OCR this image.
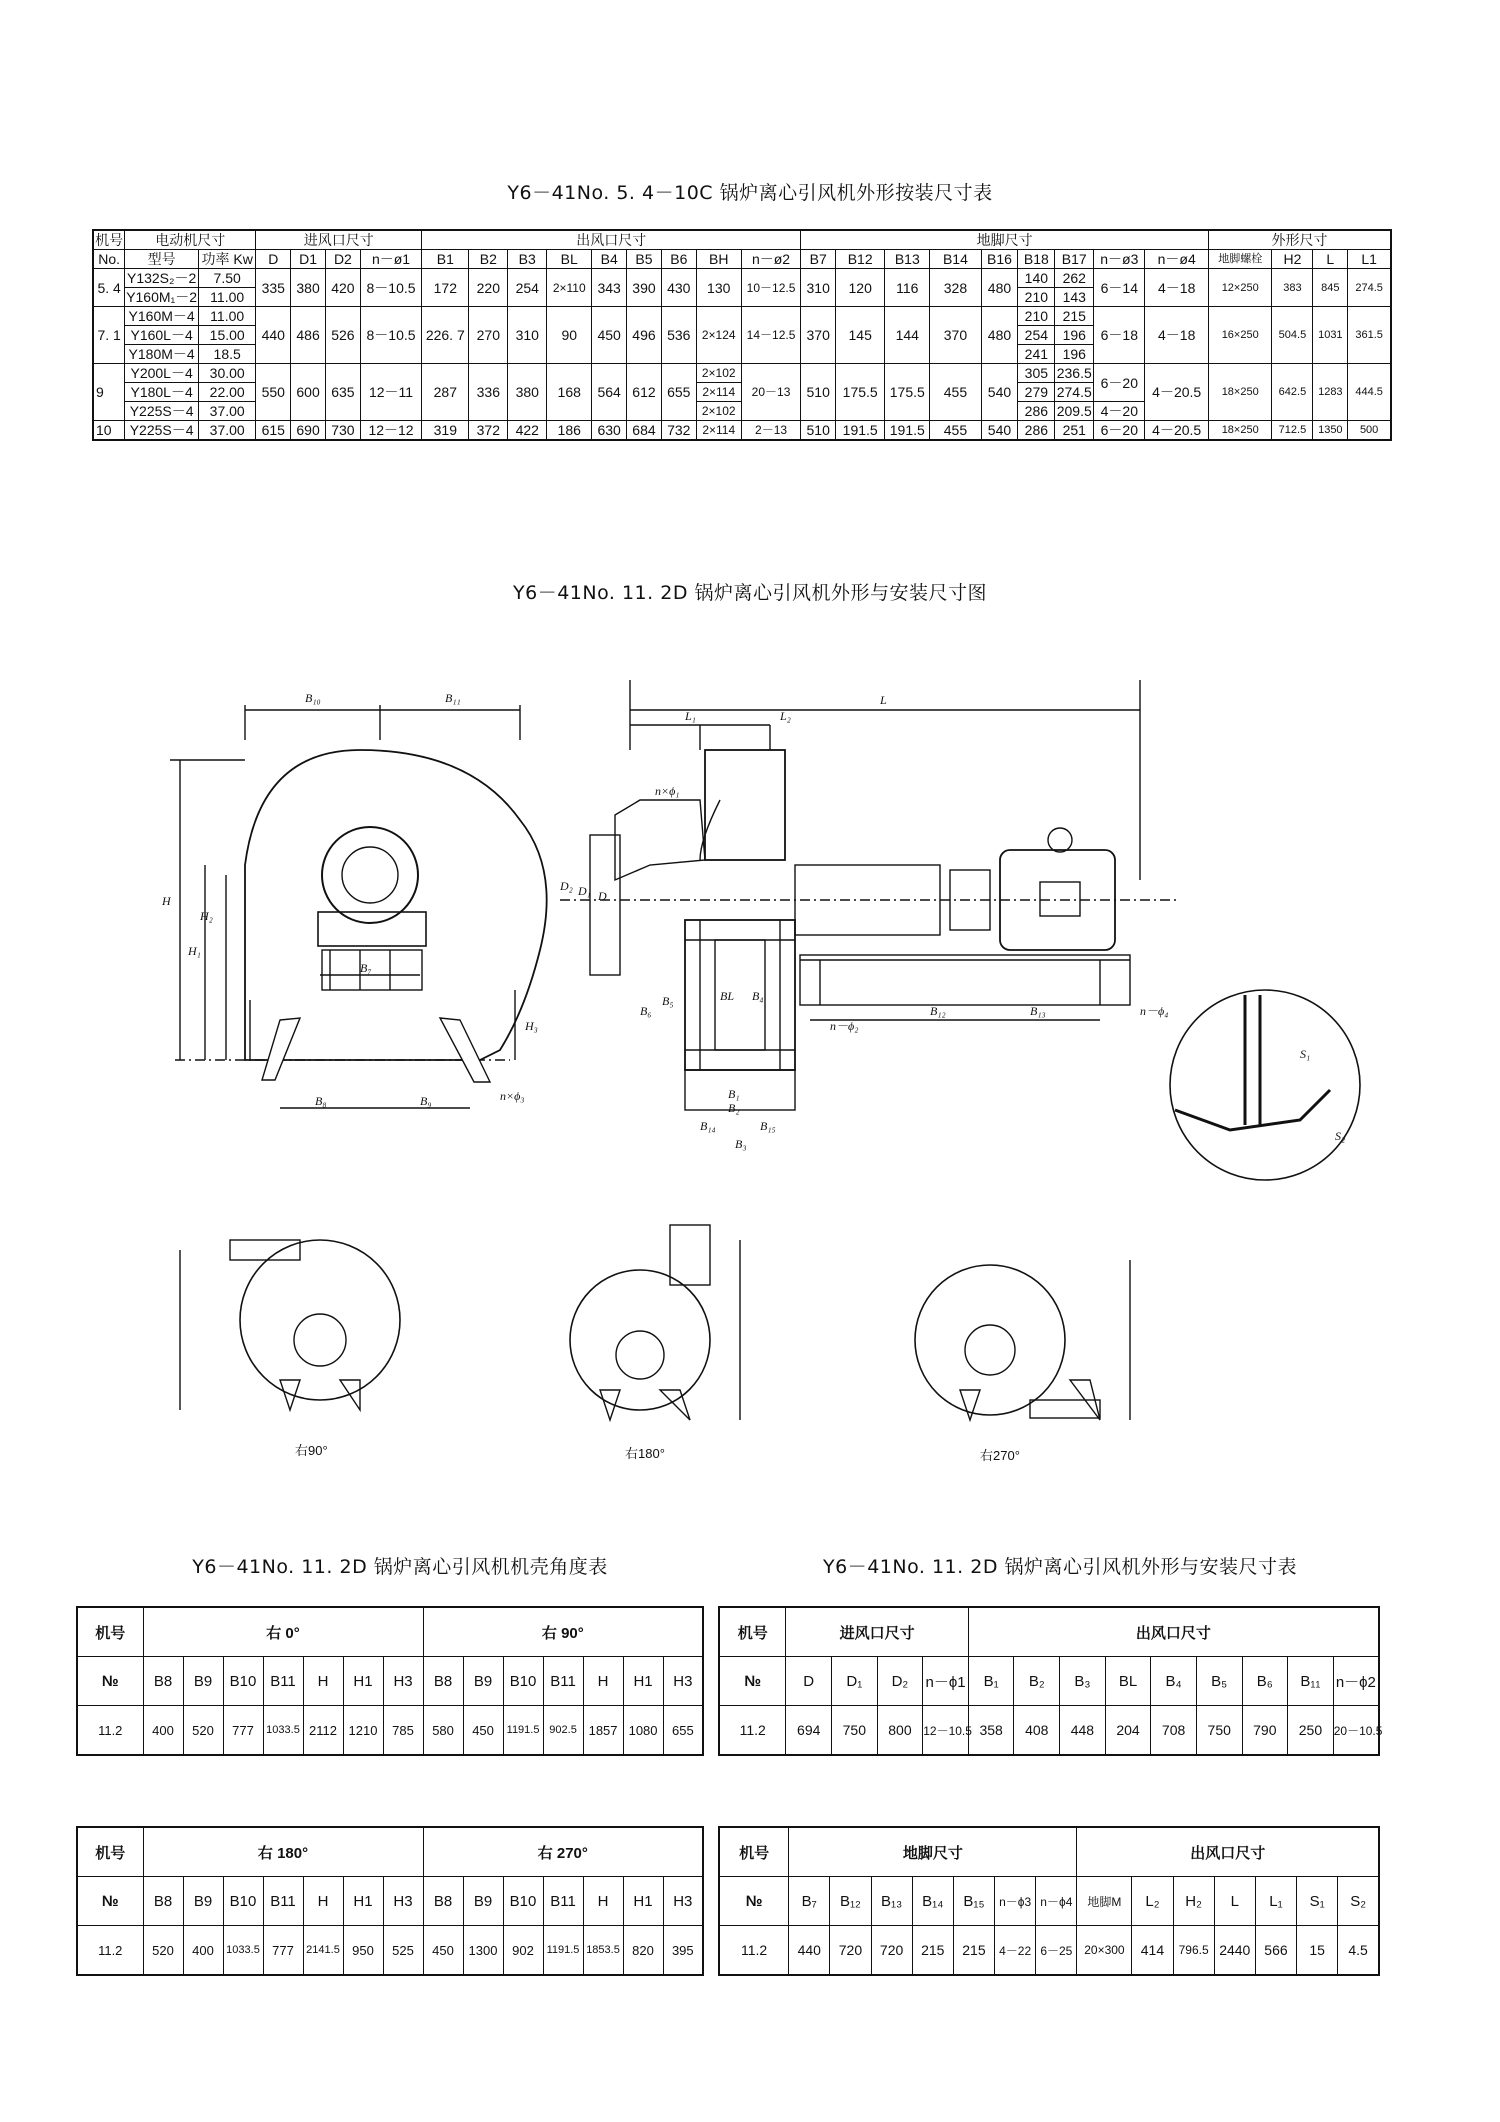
Y6－41No. 5. 4－10C 锅炉离心引风机外形按装尺寸表
Y6－41No. 11. 2D 锅炉离心引风机外形与安装尺寸图
Y6－41No. 11. 2D 锅炉离心引风机机壳角度表	Y6－41No. 11. 2D 锅炉离心引风机外形与安装尺寸表
机号	电动机尺寸		进风口尺寸				出风口尺寸									地脚尺寸									外形尺寸			
No.	型号	功率 Kw	D	D1	D2	n－ø1	B1	B2	B3	BL	B4	B5	B6	BH	n－ø2	B7	B12	B13	B14	B16	B18	B17	n－ø3	n－ø4	地脚螺栓	H2	L	L1
5. 4	Y132S₂－2	7.50	335	380	420	8－10.5	172	220	254	2×110	343	390	430	130	10－12.5	310	120	116	328	480	140	262	6－14	4－18	12×250	383	845	274.5
	Y160M₁－2	11.00																			210	143						
7. 1	Y160M－4	11.00	440	486	526	8－10.5	226. 7	270	310	90	450	496	536	2×124	14－12.5	370	145	144	370	480	210	215	6－18	4－18	16×250	504.5	1031	361.5
	Y160L－4	15.00																			254	196						
	Y180M－4	18.5																			241	196						
9	Y200L－4	30.00	550	600	635	12－11	287	336	380	168	564	612	655	2×102	20－13	510	175.5	175.5	455	540	305	236.5	6－20	4－20.5	18×250	642.5	1283	444.5
	Y180L－4	22.00												2×114							279	274.5						
	Y225S－4	37.00												2×102							286	209.5	4－20					
10	Y225S－4	37.00	615	690	730	12－12	319	372	422	186	630	684	732	2×114	2－13	510	191.5	191.5	455	540	286	251	6－20	4－20.5	18×250	712.5	1350	500
B₁₀	B₁₁
H
H₂
H₁
H₃
B₇
B₈	B₉	n×ϕ₃
L
L₁	L₂
n×ϕ₁
D₂ D₁ D
B₆
B₅	BL B₄
n－ϕ₂
B₁
B₂
B₁₄	B₁₅
B₃
B₁₂	B₁₃	n－ϕ₄
S₁
S₂
右90°	右180°	右270°
机号	右 0°							右 90°						
№	B8	B9	B10	B11	H	H1	H3	B8	B9	B10	B11	H	H1	H3
11.2	400	520	777	1033.5	2112	1210	785	580	450	1191.5	902.5	1857	1080	655
机号	进风口尺寸				出风口尺寸								
№	D	D₁	D₂	n－ϕ1	B₁	B₂	B₃	BL	B₄	B₅	B₆	B₁₁	n－ϕ2
11.2	694	750	800	12－10.5	358	408	448	204	708	750	790	250	20－10.5
机号	右 180°							右 270°						
№	B8	B9	B10	B11	H	H1	H3	B8	B9	B10	B11	H	H1	H3
11.2	520	400	1033.5	777	2141.5	950	525	450	1300	902	1191.5	1853.5	820	395
机号	地脚尺寸							出风口尺寸						
№	B₇	B₁₂	B₁₃	B₁₄	B₁₅	n－ϕ3	n－ϕ4	地脚M	L₂	H₂	L	L₁	S₁	S₂
11.2	440	720	720	215	215	4－22	6－25	20×300	414	796.5	2440	566	15	4.5
